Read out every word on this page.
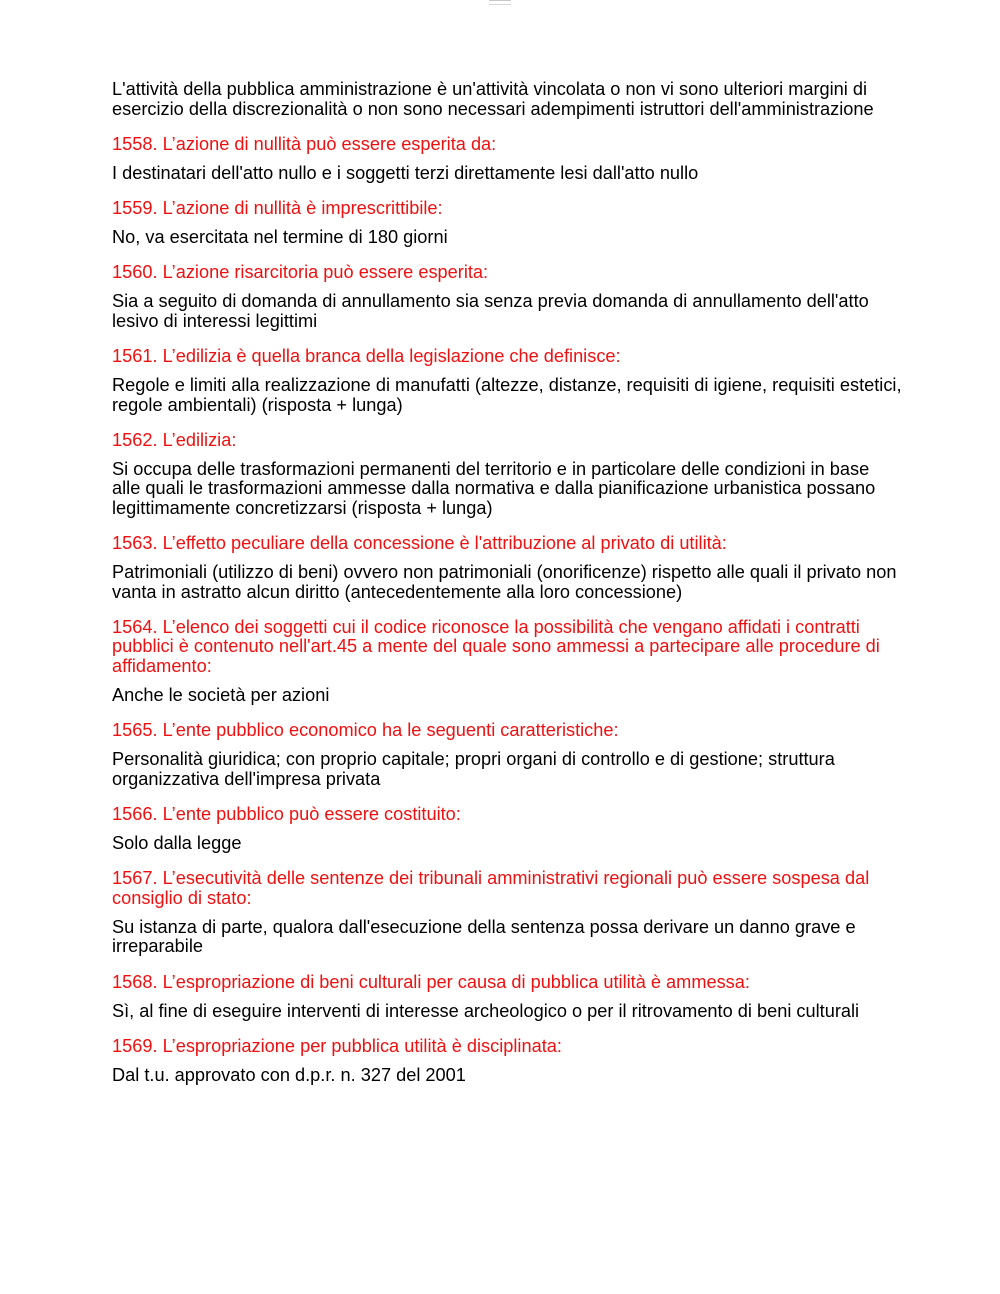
L'attività della pubblica amministrazione è un'attività vincolata o non vi sono ulteriori margini di esercizio della discrezionalità o non sono necessari adempimenti istruttori dell'amministrazione

1558. L’azione di nullità può essere esperita da:

I destinatari dell'atto nullo e i soggetti terzi direttamente lesi dall'atto nullo

1559. L’azione di nullità è imprescrittibile:

No, va esercitata nel termine di 180 giorni

1560. L’azione risarcitoria può essere esperita:

Sia a seguito di domanda di annullamento sia senza previa domanda di annullamento dell'atto lesivo di interessi legittimi

1561. L’edilizia è quella branca della legislazione che definisce:

Regole e limiti alla realizzazione di manufatti (altezze, distanze, requisiti di igiene, requisiti estetici, regole ambientali) (risposta + lunga)

1562. L’edilizia:

Si occupa delle trasformazioni permanenti del territorio e in particolare delle condizioni in base alle quali le trasformazioni ammesse dalla normativa e dalla pianificazione urbanistica possano legittimamente concretizzarsi (risposta + lunga)

1563. L’effetto peculiare della concessione è l'attribuzione al privato di utilità:

Patrimoniali (utilizzo di beni) ovvero non patrimoniali (onorificenze) rispetto alle quali il privato non vanta in astratto alcun diritto (antecedentemente alla loro concessione)

1564. L’elenco dei soggetti cui il codice riconosce la possibilità che vengano affidati i contratti pubblici è contenuto nell'art.45 a mente del quale sono ammessi a partecipare alle procedure di affidamento:

Anche le società per azioni

1565. L’ente pubblico economico ha le seguenti caratteristiche:

Personalità giuridica; con proprio capitale; propri organi di controllo e di gestione; struttura organizzativa dell'impresa privata

1566. L’ente pubblico può essere costituito:

Solo dalla legge

1567. L’esecutività delle sentenze dei tribunali amministrativi regionali può essere sospesa dal consiglio di stato:

Su istanza di parte, qualora dall'esecuzione della sentenza possa derivare un danno grave e irreparabile

1568. L’espropriazione di beni culturali per causa di pubblica utilità è ammessa:

Sì, al fine di eseguire interventi di interesse archeologico o per il ritrovamento di beni culturali

1569. L’espropriazione per pubblica utilità è disciplinata:

Dal t.u. approvato con d.p.r. n. 327 del 2001
